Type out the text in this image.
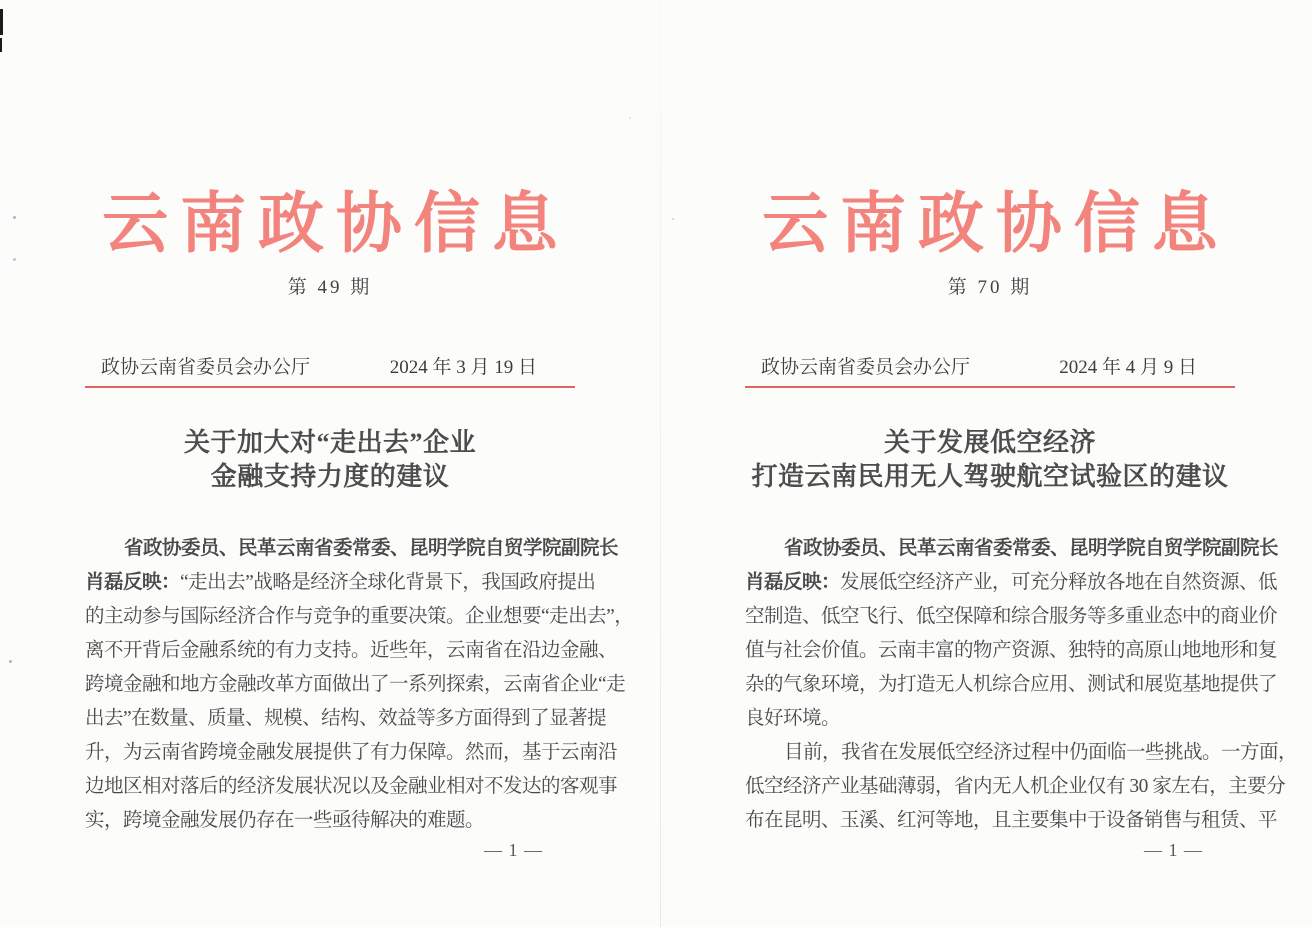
云南政协信息
第 49 期
政协云南省委员会办公厅	2024 年 3 月 19 日
关于加大对“走出去”企业
金融支持力度的建议
省政协委员、民革云南省委常委、昆明学院自贸学院副院长
肖磊反映：“走出去”战略是经济全球化背景下，我国政府提出
的主动参与国际经济合作与竞争的重要决策。企业想要“走出去”，
离不开背后金融系统的有力支持。近些年，云南省在沿边金融、
跨境金融和地方金融改革方面做出了一系列探索，云南省企业“走
出去”在数量、质量、规模、结构、效益等多方面得到了显著提
升，为云南省跨境金融发展提供了有力保障。然而，基于云南沿
边地区相对落后的经济发展状况以及金融业相对不发达的客观事
实，跨境金融发展仍存在一些亟待解决的难题。
— 1 —
云南政协信息
第 70 期
政协云南省委员会办公厅	2024 年 4 月 9 日
关于发展低空经济
打造云南民用无人驾驶航空试验区的建议
省政协委员、民革云南省委常委、昆明学院自贸学院副院长
肖磊反映：发展低空经济产业，可充分释放各地在自然资源、低
空制造、低空飞行、低空保障和综合服务等多重业态中的商业价
值与社会价值。云南丰富的物产资源、独特的高原山地地形和复
杂的气象环境，为打造无人机综合应用、测试和展览基地提供了
良好环境。
目前，我省在发展低空经济过程中仍面临一些挑战。一方面，
低空经济产业基础薄弱，省内无人机企业仅有 30 家左右，主要分
布在昆明、玉溪、红河等地，且主要集中于设备销售与租赁、平
— 1 —
